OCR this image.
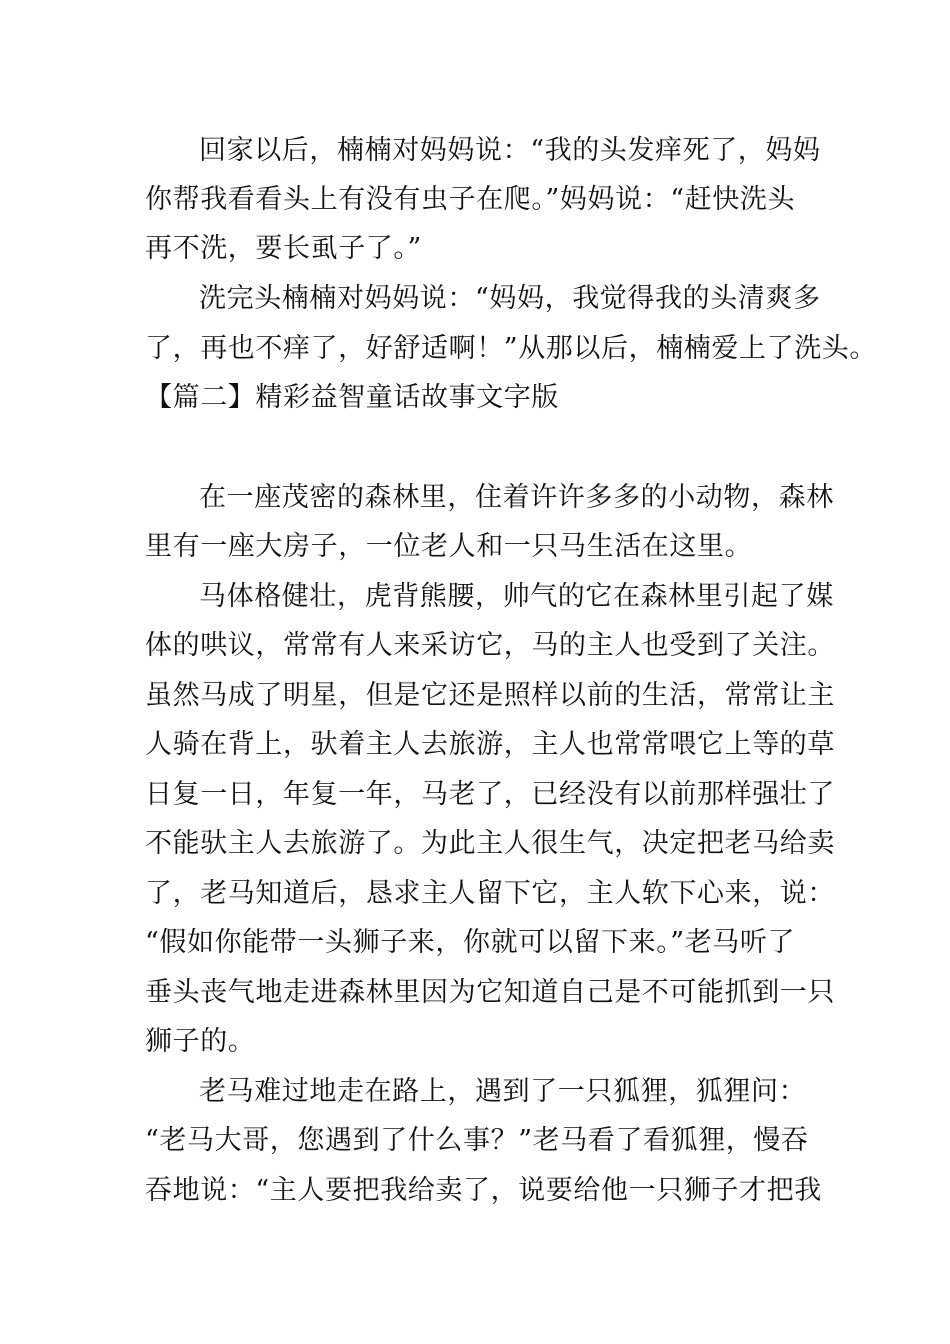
回家以后，楠楠对妈妈说：“我的头发痒死了，妈妈
你帮我看看头上有没有虫子在爬。”妈妈说：“赶快洗头
再不洗，要长虱子了。”
洗完头楠楠对妈妈说：“妈妈，我觉得我的头清爽多
了，再也不痒了，好舒适啊！”从那以后，楠楠爱上了洗头。
【篇二】精彩益智童话故事文字版
在一座茂密的森林里，住着许许多多的小动物，森林
里有一座大房子，一位老人和一只马生活在这里。
马体格健壮，虎背熊腰，帅气的它在森林里引起了媒
体的哄议，常常有人来采访它，马的主人也受到了关注。
虽然马成了明星，但是它还是照样以前的生活，常常让主
人骑在背上，驮着主人去旅游，主人也常常喂它上等的草
日复一日，年复一年，马老了，已经没有以前那样强壮了
不能驮主人去旅游了。为此主人很生气，决定把老马给卖
了，老马知道后，恳求主人留下它，主人软下心来，说：
“假如你能带一头狮子来，你就可以留下来。”老马听了
垂头丧气地走进森林里因为它知道自己是不可能抓到一只
狮子的。
老马难过地走在路上，遇到了一只狐狸，狐狸问：
“老马大哥，您遇到了什么事？”老马看了看狐狸，慢吞
吞地说：“主人要把我给卖了，说要给他一只狮子才把我
